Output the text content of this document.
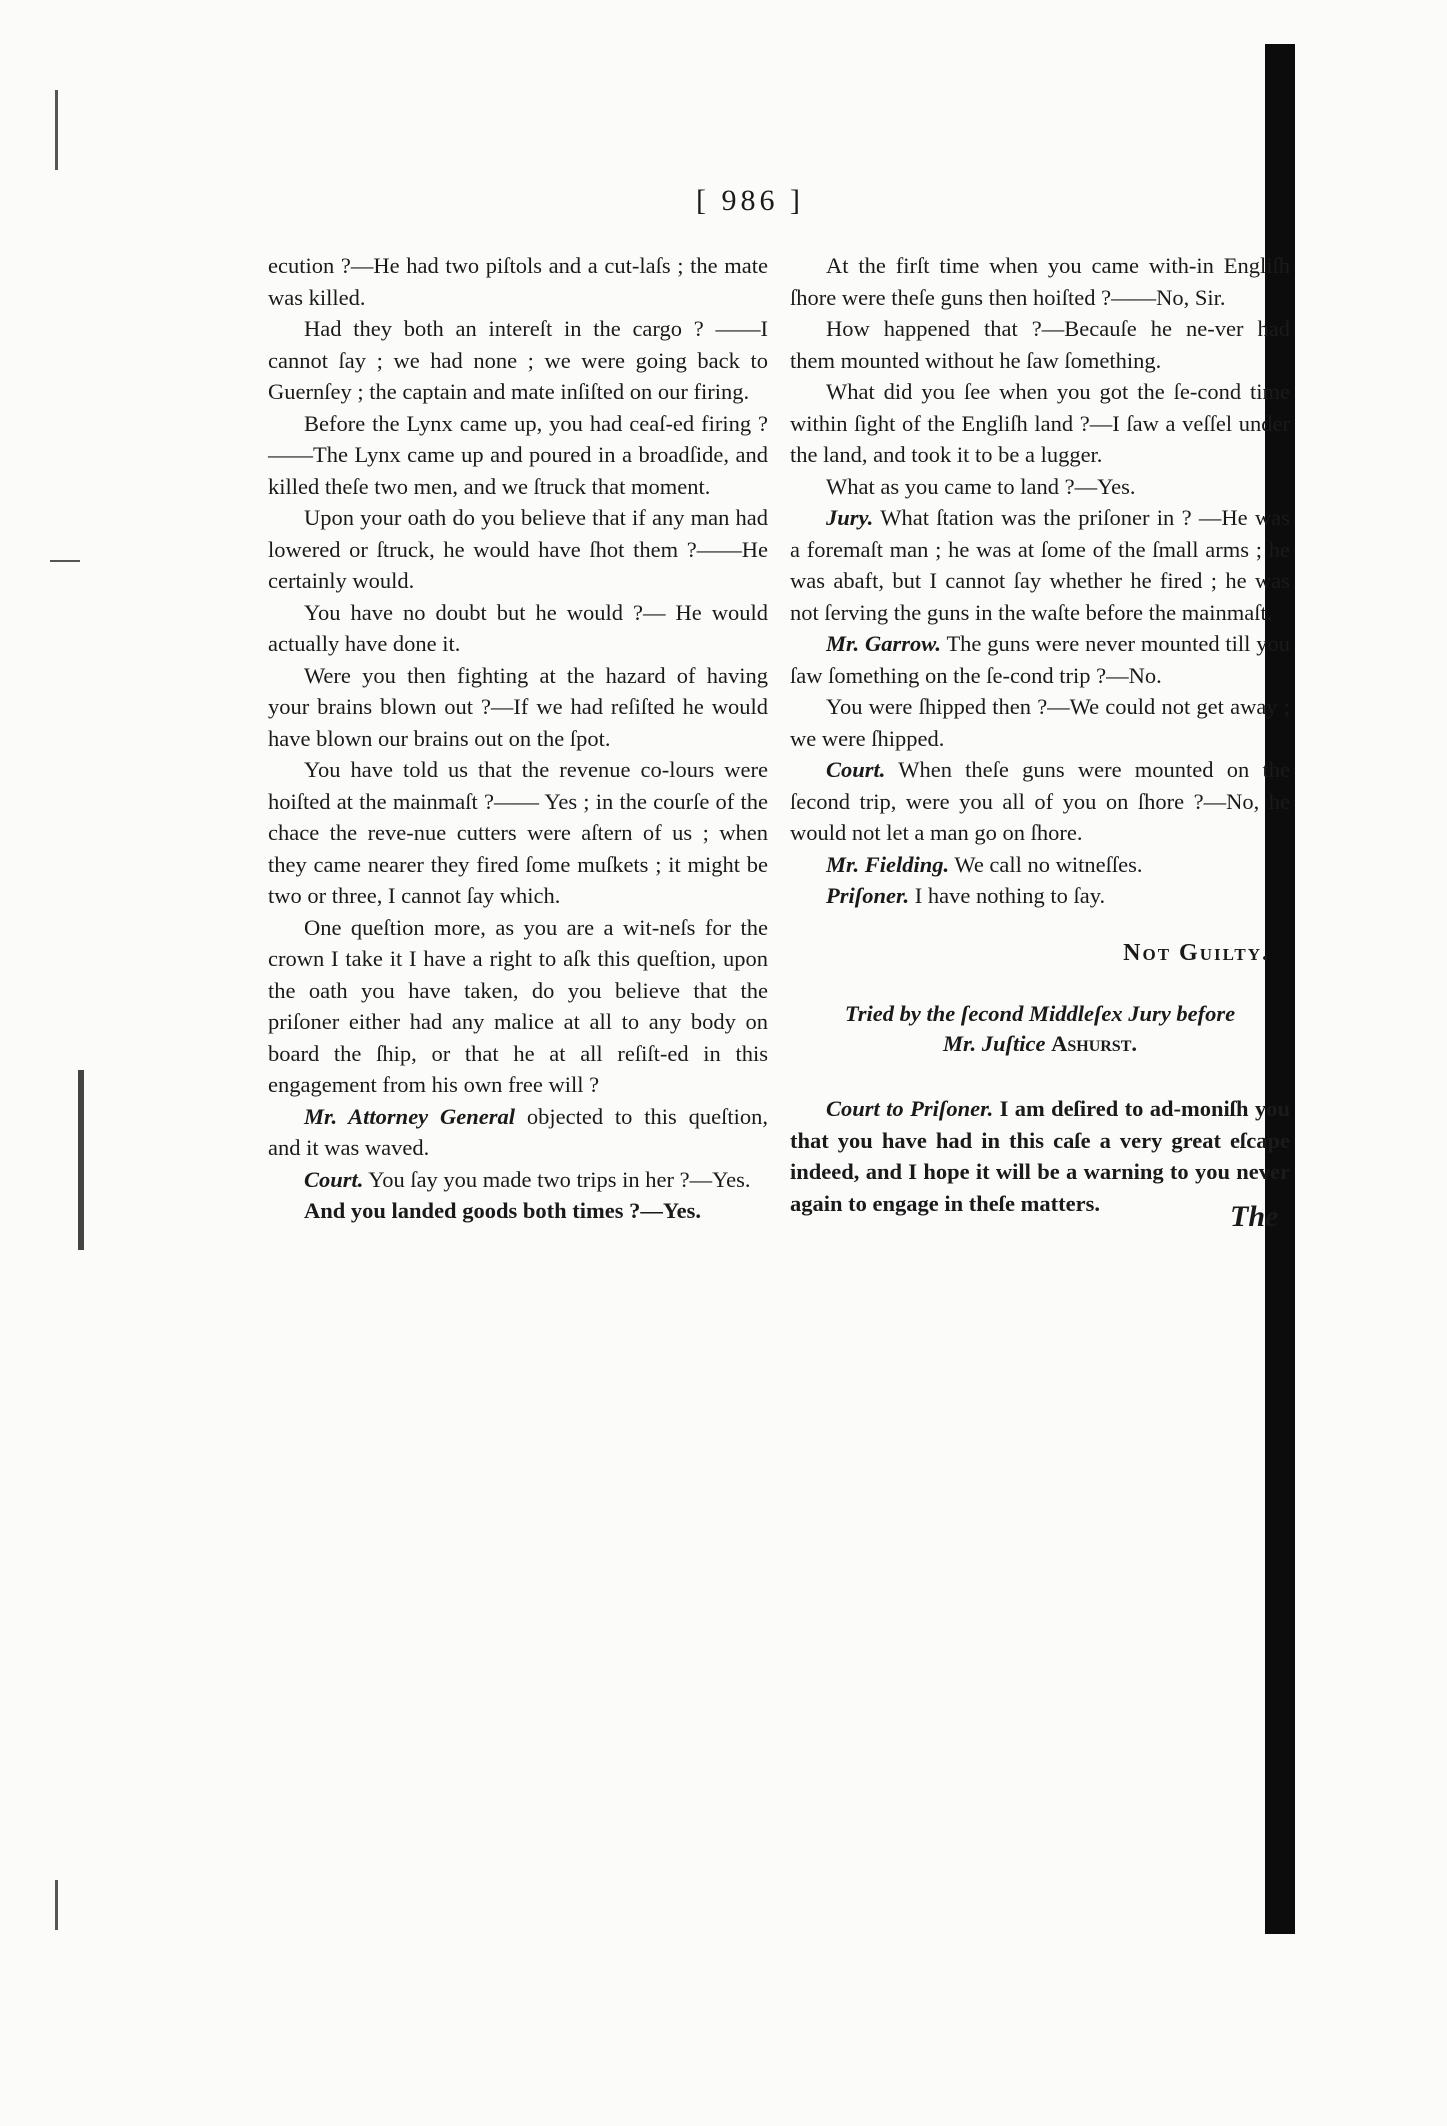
[ 986 ]

ecution ?—He had two piſtols and a cut-laſs ; the mate was killed.

Had they both an intereſt in the cargo ? ——I cannot ſay ; we had none ; we were going back to Guernſey ; the captain and mate inſiſted on our firing.

Before the Lynx came up, you had ceaſ-ed firing ?——The Lynx came up and poured in a broadſide, and killed theſe two men, and we ſtruck that moment.

Upon your oath do you believe that if any man had lowered or ſtruck, he would have ſhot them ?——He certainly would.

You have no doubt but he would ?— He would actually have done it.

Were you then fighting at the hazard of having your brains blown out ?—If we had reſiſted he would have blown our brains out on the ſpot.

You have told us that the revenue co-lours were hoiſted at the mainmaſt ?—— Yes ; in the courſe of the chace the reve-nue cutters were aſtern of us ; when they came nearer they fired ſome muſkets ; it might be two or three, I cannot ſay which.

One queſtion more, as you are a wit-neſs for the crown I take it I have a right to aſk this queſtion, upon the oath you have taken, do you believe that the priſoner either had any malice at all to any body on board the ſhip, or that he at all reſiſt-ed in this engagement from his own free will ?

Mr. Attorney General objected to this queſtion, and it was waved.

Court. You ſay you made two trips in her ?—Yes.

And you landed goods both times ?—Yes.

At the firſt time when you came with-in Engliſh ſhore were theſe guns then hoiſted ?——No, Sir.

How happened that ?—Becauſe he ne-ver had them mounted without he ſaw ſomething.

What did you ſee when you got the ſe-cond time within ſight of the Engliſh land ?—I ſaw a veſſel under the land, and took it to be a lugger.

What as you came to land ?—Yes.

Jury. What ſtation was the priſoner in ? —He was a foremaſt man ; he was at ſome of the ſmall arms ; he was abaft, but I cannot ſay whether he fired ; he was not ſerving the guns in the waſte before the mainmaſt.

Mr. Garrow. The guns were never mounted till you ſaw ſomething on the ſe-cond trip ?—No.

You were ſhipped then ?—We could not get away ; we were ſhipped.

Court. When theſe guns were mounted on the ſecond trip, were you all of you on ſhore ?—No, he would not let a man go on ſhore.

Mr. Fielding. We call no witneſſes.

Priſoner. I have nothing to ſay.

Not Guilty.

Tried by the ſecond Middleſex Jury before
Mr. Juſtice Ashurst.

Court to Priſoner. I am deſired to ad-moniſh you that you have had in this caſe a very great eſcape indeed, and I hope it will be a warning to you never again to engage in theſe matters.	The
